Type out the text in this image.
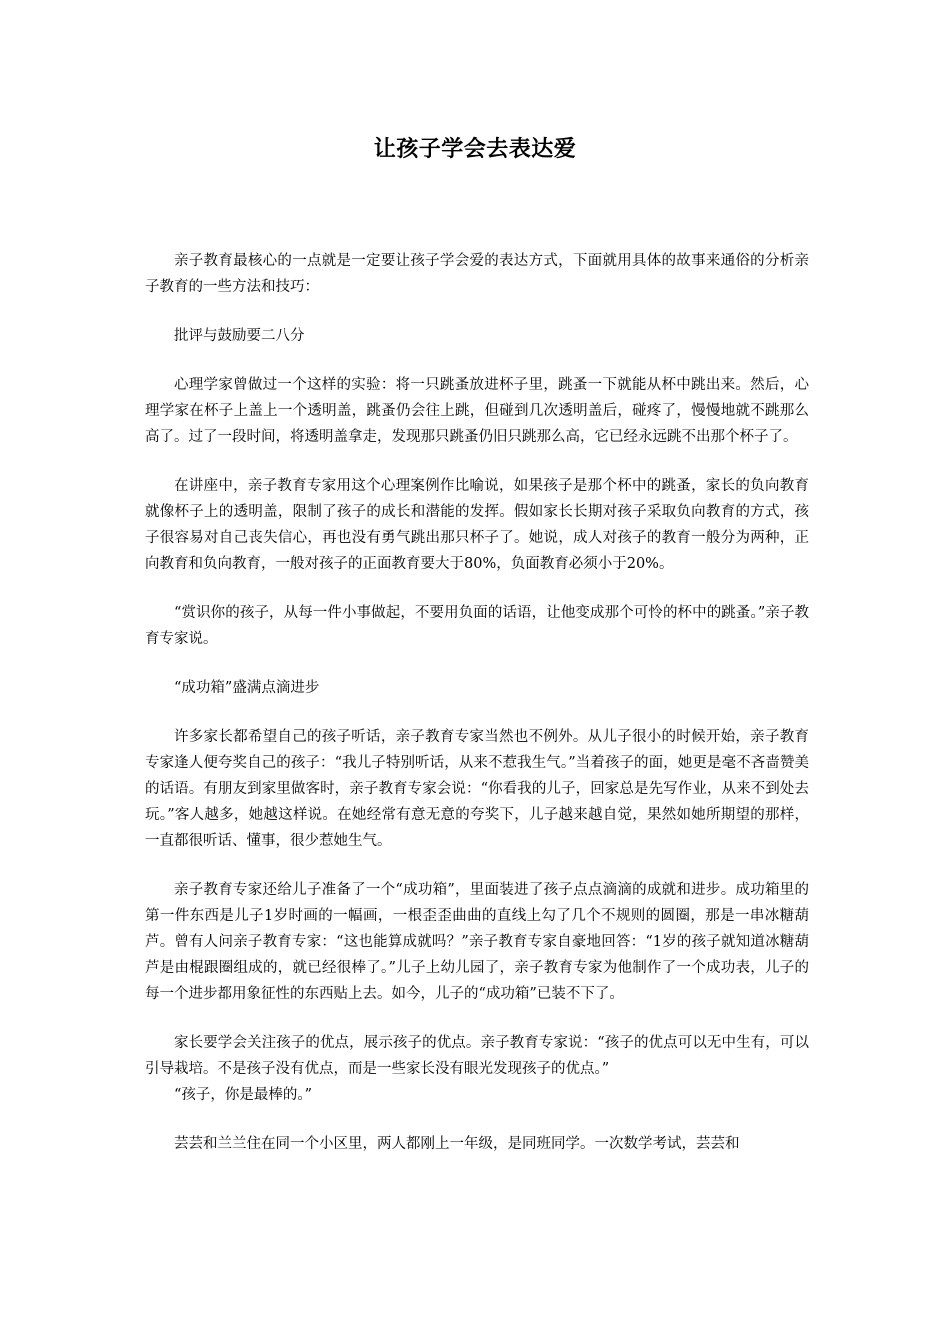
让孩子学会去表达爱

亲子教育最核心的一点就是一定要让孩子学会爱的表达方式，下面就用具体的故事来通俗的分析亲子教育的一些方法和技巧：

批评与鼓励要二八分

心理学家曾做过一个这样的实验：将一只跳蚤放进杯子里，跳蚤一下就能从杯中跳出来。然后，心理学家在杯子上盖上一个透明盖，跳蚤仍会往上跳，但碰到几次透明盖后，碰疼了，慢慢地就不跳那么高了。过了一段时间，将透明盖拿走，发现那只跳蚤仍旧只跳那么高，它已经永远跳不出那个杯子了。

在讲座中，亲子教育专家用这个心理案例作比喻说，如果孩子是那个杯中的跳蚤，家长的负向教育就像杯子上的透明盖，限制了孩子的成长和潜能的发挥。假如家长长期对孩子采取负向教育的方式，孩子很容易对自己丧失信心，再也没有勇气跳出那只杯子了。她说，成人对孩子的教育一般分为两种，正向教育和负向教育，一般对孩子的正面教育要大于80%，负面教育必须小于20%。

“赏识你的孩子，从每一件小事做起，不要用负面的话语，让他变成那个可怜的杯中的跳蚤。”亲子教育专家说。

“成功箱”盛满点滴进步

许多家长都希望自己的孩子听话，亲子教育专家当然也不例外。从儿子很小的时候开始，亲子教育专家逢人便夸奖自己的孩子：“我儿子特别听话，从来不惹我生气。”当着孩子的面，她更是毫不吝啬赞美的话语。有朋友到家里做客时，亲子教育专家会说：“你看我的儿子，回家总是先写作业，从来不到处去玩。”客人越多，她越这样说。在她经常有意无意的夸奖下，儿子越来越自觉，果然如她所期望的那样，一直都很听话、懂事，很少惹她生气。

亲子教育专家还给儿子准备了一个“成功箱”，里面装进了孩子点点滴滴的成就和进步。成功箱里的第一件东西是儿子1岁时画的一幅画，一根歪歪曲曲的直线上勾了几个不规则的圆圈，那是一串冰糖葫芦。曾有人问亲子教育专家：“这也能算成就吗？”亲子教育专家自豪地回答：“1岁的孩子就知道冰糖葫芦是由棍跟圈组成的，就已经很棒了。”儿子上幼儿园了，亲子教育专家为他制作了一个成功表，儿子的每一个进步都用象征性的东西贴上去。如今，儿子的“成功箱”已装不下了。

家长要学会关注孩子的优点，展示孩子的优点。亲子教育专家说：“孩子的优点可以无中生有，可以引导栽培。不是孩子没有优点，而是一些家长没有眼光发现孩子的优点。”

“孩子，你是最棒的。”

芸芸和兰兰住在同一个小区里，两人都刚上一年级，是同班同学。一次数学考试，芸芸和
